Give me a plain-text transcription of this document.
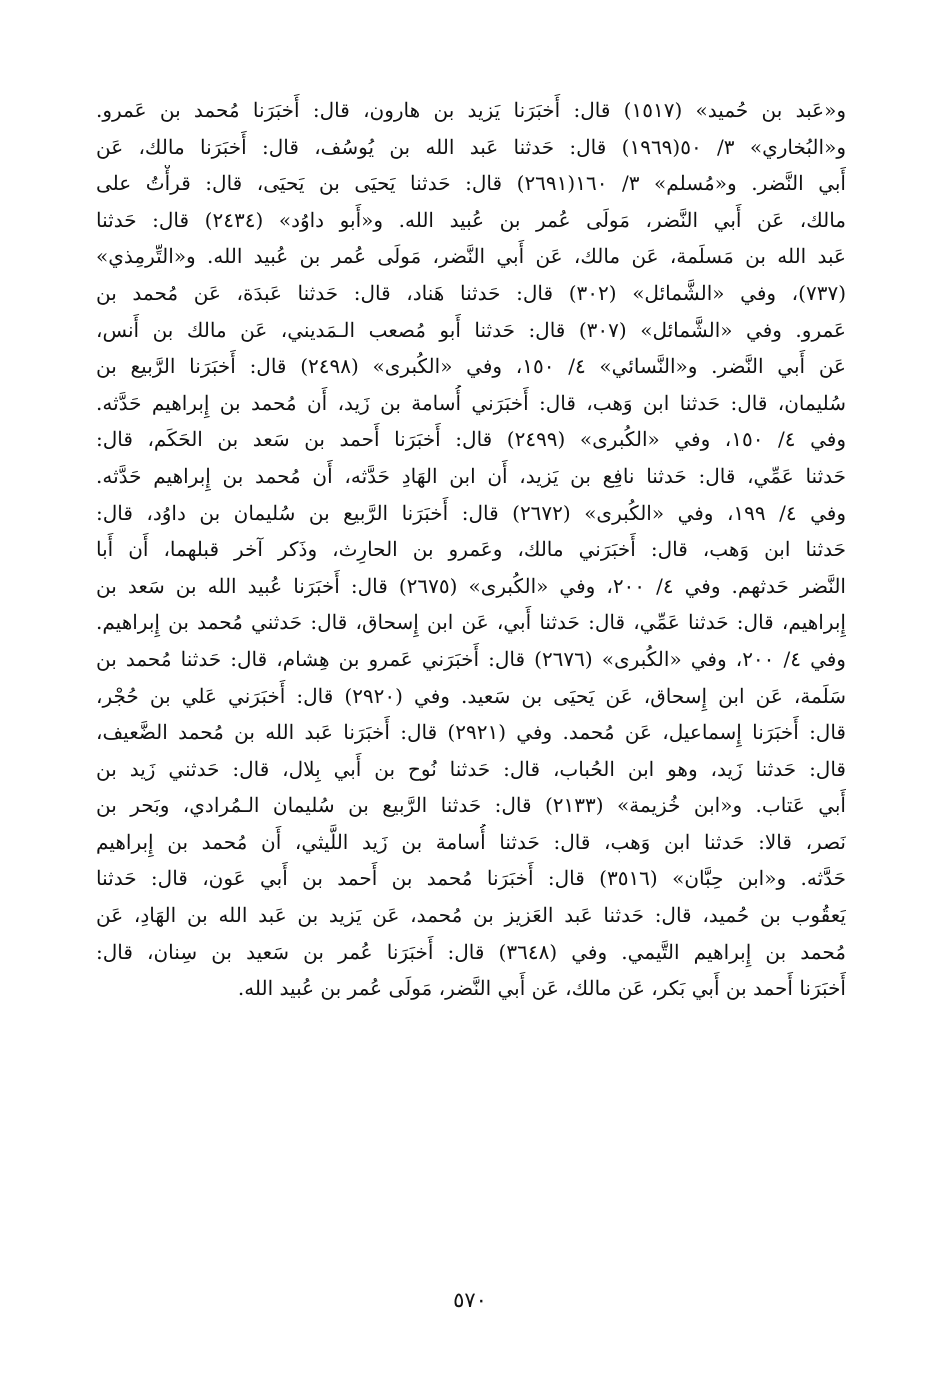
و«عَبد بن حُميد» (١٥١٧) قال: أَخبَرَنا يَزيد بن هارون، قال: أَخبَرَنا مُحمد بن عَمرو.
و«البُخاري» ٣/ ٥٠(١٩٦٩) قال: حَدثنا عَبد الله بن يُوسُف، قال: أَخبَرَنا مالك، عَن
أَبي النَّضر. و«مُسلم» ٣/ ١٦٠(٢٦٩١) قال: حَدثنا يَحيَى بن يَحيَى، قال: قرأْتُ على
مالك، عَن أَبي النَّضر، مَولَى عُمر بن عُبيد الله. و«أَبو داوُد» (٢٤٣٤) قال: حَدثنا
عَبد الله بن مَسلَمة، عَن مالك، عَن أَبي النَّضر، مَولَى عُمر بن عُبيد الله. و«التِّرمِذي»
(٧٣٧)، وفي «الشَّمائل» (٣٠٢) قال: حَدثنا هَناد، قال: حَدثنا عَبدَة، عَن مُحمد بن
عَمرو. وفي «الشَّمائل» (٣٠٧) قال: حَدثنا أَبو مُصعب الـمَديني، عَن مالك بن أَنس،
عَن أَبي النَّضر. و«النَّسائي» ٤/ ١٥٠، وفي «الكُبرى» (٢٤٩٨) قال: أَخبَرَنا الرَّبيع بن
سُليمان، قال: حَدثنا ابن وَهب، قال: أَخبَرَني أُسامة بن زَيد، أَن مُحمد بن إِبراهيم حَدَّثه.
وفي ٤/ ١٥٠، وفي «الكُبرى» (٢٤٩٩) قال: أَخبَرَنا أَحمد بن سَعد بن الحَكَم، قال:
حَدثنا عَمِّي، قال: حَدثنا نافِع بن يَزيد، أَن ابن الهَادِ حَدَّثه، أَن مُحمد بن إِبراهيم حَدَّثه.
وفي ٤/ ١٩٩، وفي «الكُبرى» (٢٦٧٢) قال: أَخبَرَنا الرَّبيع بن سُليمان بن داوُد، قال:
حَدثنا ابن وَهب، قال: أَخبَرَني مالك، وعَمرو بن الحارِث، وذَكر آخر قبلهما، أَن أَبا
النَّضر حَدثهم. وفي ٤/ ٢٠٠، وفي «الكُبرى» (٢٦٧٥) قال: أَخبَرَنا عُبيد الله بن سَعد بن
إِبراهيم، قال: حَدثنا عَمِّي، قال: حَدثنا أَبي، عَن ابن إِسحاق، قال: حَدثني مُحمد بن إِبراهيم.
وفي ٤/ ٢٠٠، وفي «الكُبرى» (٢٦٧٦) قال: أَخبَرَني عَمرو بن هِشام، قال: حَدثنا مُحمد بن
سَلَمة، عَن ابن إِسحاق، عَن يَحيَى بن سَعيد. وفي (٢٩٢٠) قال: أَخبَرَني عَلي بن حُجْر،
قال: أَخبَرَنا إِسماعيل، عَن مُحمد. وفي (٢٩٢١) قال: أَخبَرَنا عَبد الله بن مُحمد الضَّعيف،
قال: حَدثنا زَيد، وهو ابن الحُباب، قال: حَدثنا نُوح بن أَبي بِلال، قال: حَدثني زَيد بن
أَبي عَتاب. و«ابن خُزيمة» (٢١٣٣) قال: حَدثنا الرَّبيع بن سُليمان الـمُرادي، وبَحر بن
نَصر، قالا: حَدثنا ابن وَهب، قال: حَدثنا أُسامة بن زَيد اللَّيثي، أَن مُحمد بن إِبراهيم
حَدَّثه. و«ابن حِبَّان» (٣٥١٦) قال: أَخبَرَنا مُحمد بن أَحمد بن أَبي عَون، قال: حَدثنا
يَعقُوب بن حُميد، قال: حَدثنا عَبد العَزيز بن مُحمد، عَن يَزيد بن عَبد الله بن الهَادِ، عَن
مُحمد بن إِبراهيم التَّيمي. وفي (٣٦٤٨) قال: أَخبَرَنا عُمر بن سَعيد بن سِنان، قال:
أَخبَرَنا أَحمد بن أَبي بَكر، عَن مالك، عَن أَبي النَّضر، مَولَى عُمر بن عُبيد الله.
٥٧٠
